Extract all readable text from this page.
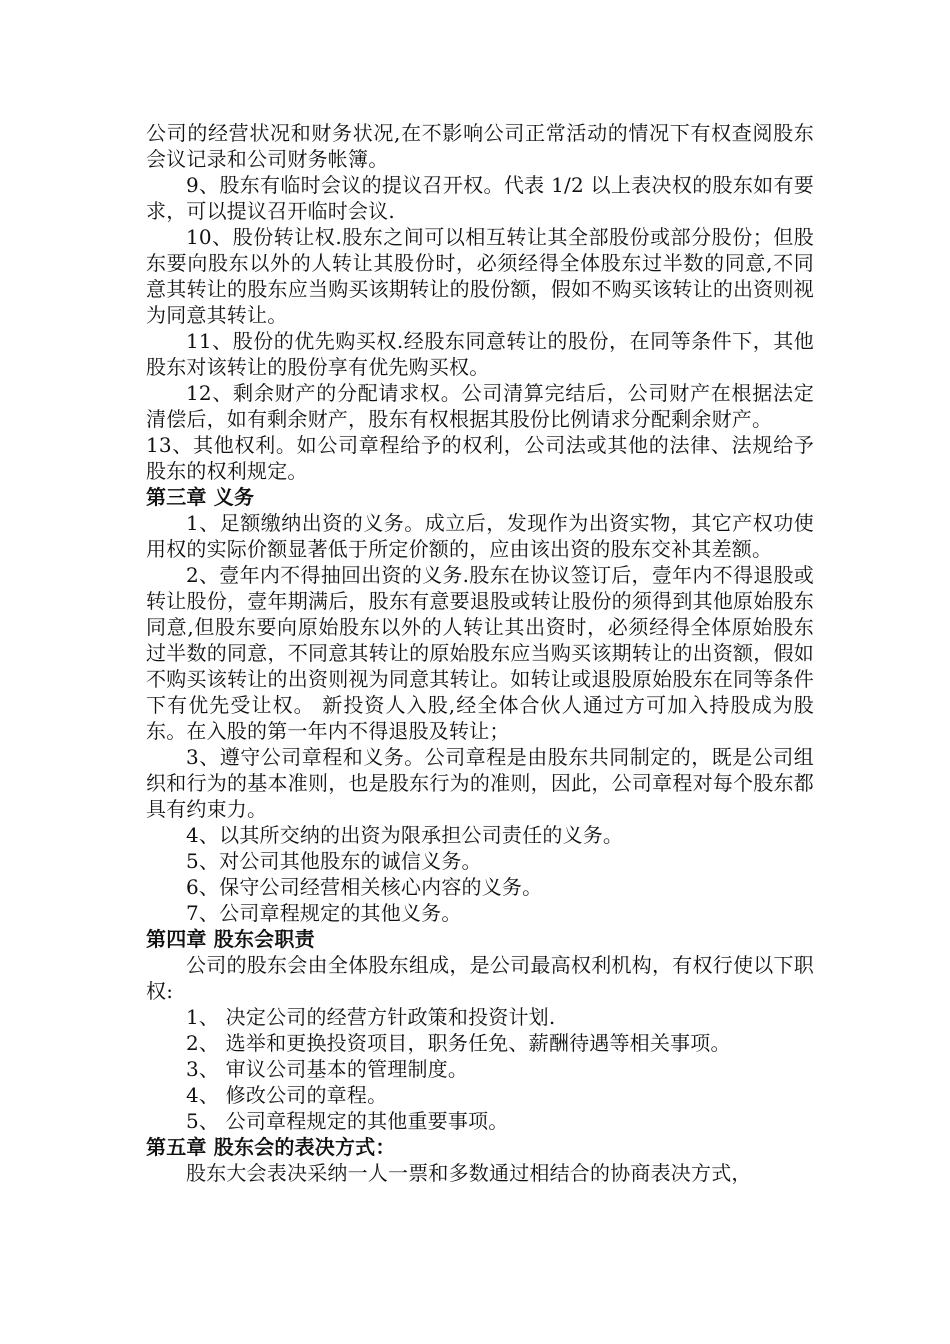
公司的经营状况和财务状况,在不影响公司正常活动的情况下有权查阅股东会议记录和公司财务帐簿。

9、股东有临时会议的提议召开权。代表 1/2 以上表决权的股东如有要求，可以提议召开临时会议.

10、股份转让权.股东之间可以相互转让其全部股份或部分股份；但股东要向股东以外的人转让其股份时，必须经得全体股东过半数的同意,不同意其转让的股东应当购买该期转让的股份额，假如不购买该转让的出资则视为同意其转让。

11、股份的优先购买权.经股东同意转让的股份，在同等条件下，其他股东对该转让的股份享有优先购买权。

12、剩余财产的分配请求权。公司清算完结后，公司财产在根据法定清偿后，如有剩余财产，股东有权根据其股份比例请求分配剩余财产。

13、其他权利。如公司章程给予的权利，公司法或其他的法律、法规给予股东的权利规定。

第三章 义务

1、足额缴纳出资的义务。成立后，发现作为出资实物，其它产权功使用权的实际价额显著低于所定价额的，应由该出资的股东交补其差额。

2、壹年内不得抽回出资的义务.股东在协议签订后，壹年内不得退股或转让股份，壹年期满后，股东有意要退股或转让股份的须得到其他原始股东同意,但股东要向原始股东以外的人转让其出资时，必须经得全体原始股东过半数的同意，不同意其转让的原始股东应当购买该期转让的出资额，假如不购买该转让的出资则视为同意其转让。如转让或退股原始股东在同等条件下有优先受让权。 新投资人入股,经全体合伙人通过方可加入持股成为股东。在入股的第一年内不得退股及转让；

3、遵守公司章程和义务。公司章程是由股东共同制定的，既是公司组织和行为的基本准则，也是股东行为的准则，因此，公司章程对每个股东都具有约束力。

4、以其所交纳的出资为限承担公司责任的义务。

5、对公司其他股东的诚信义务。

6、保守公司经营相关核心内容的义务。

7、公司章程规定的其他义务。

第四章 股东会职责

公司的股东会由全体股东组成，是公司最高权利机构，有权行使以下职权:

1、 决定公司的经营方针政策和投资计划.

2、 选举和更换投资项目，职务任免、薪酬待遇等相关事项。

3、 审议公司基本的管理制度。

4、 修改公司的章程。

5、 公司章程规定的其他重要事项。

第五章 股东会的表决方式：

股东大会表决采纳一人一票和多数通过相结合的协商表决方式，
